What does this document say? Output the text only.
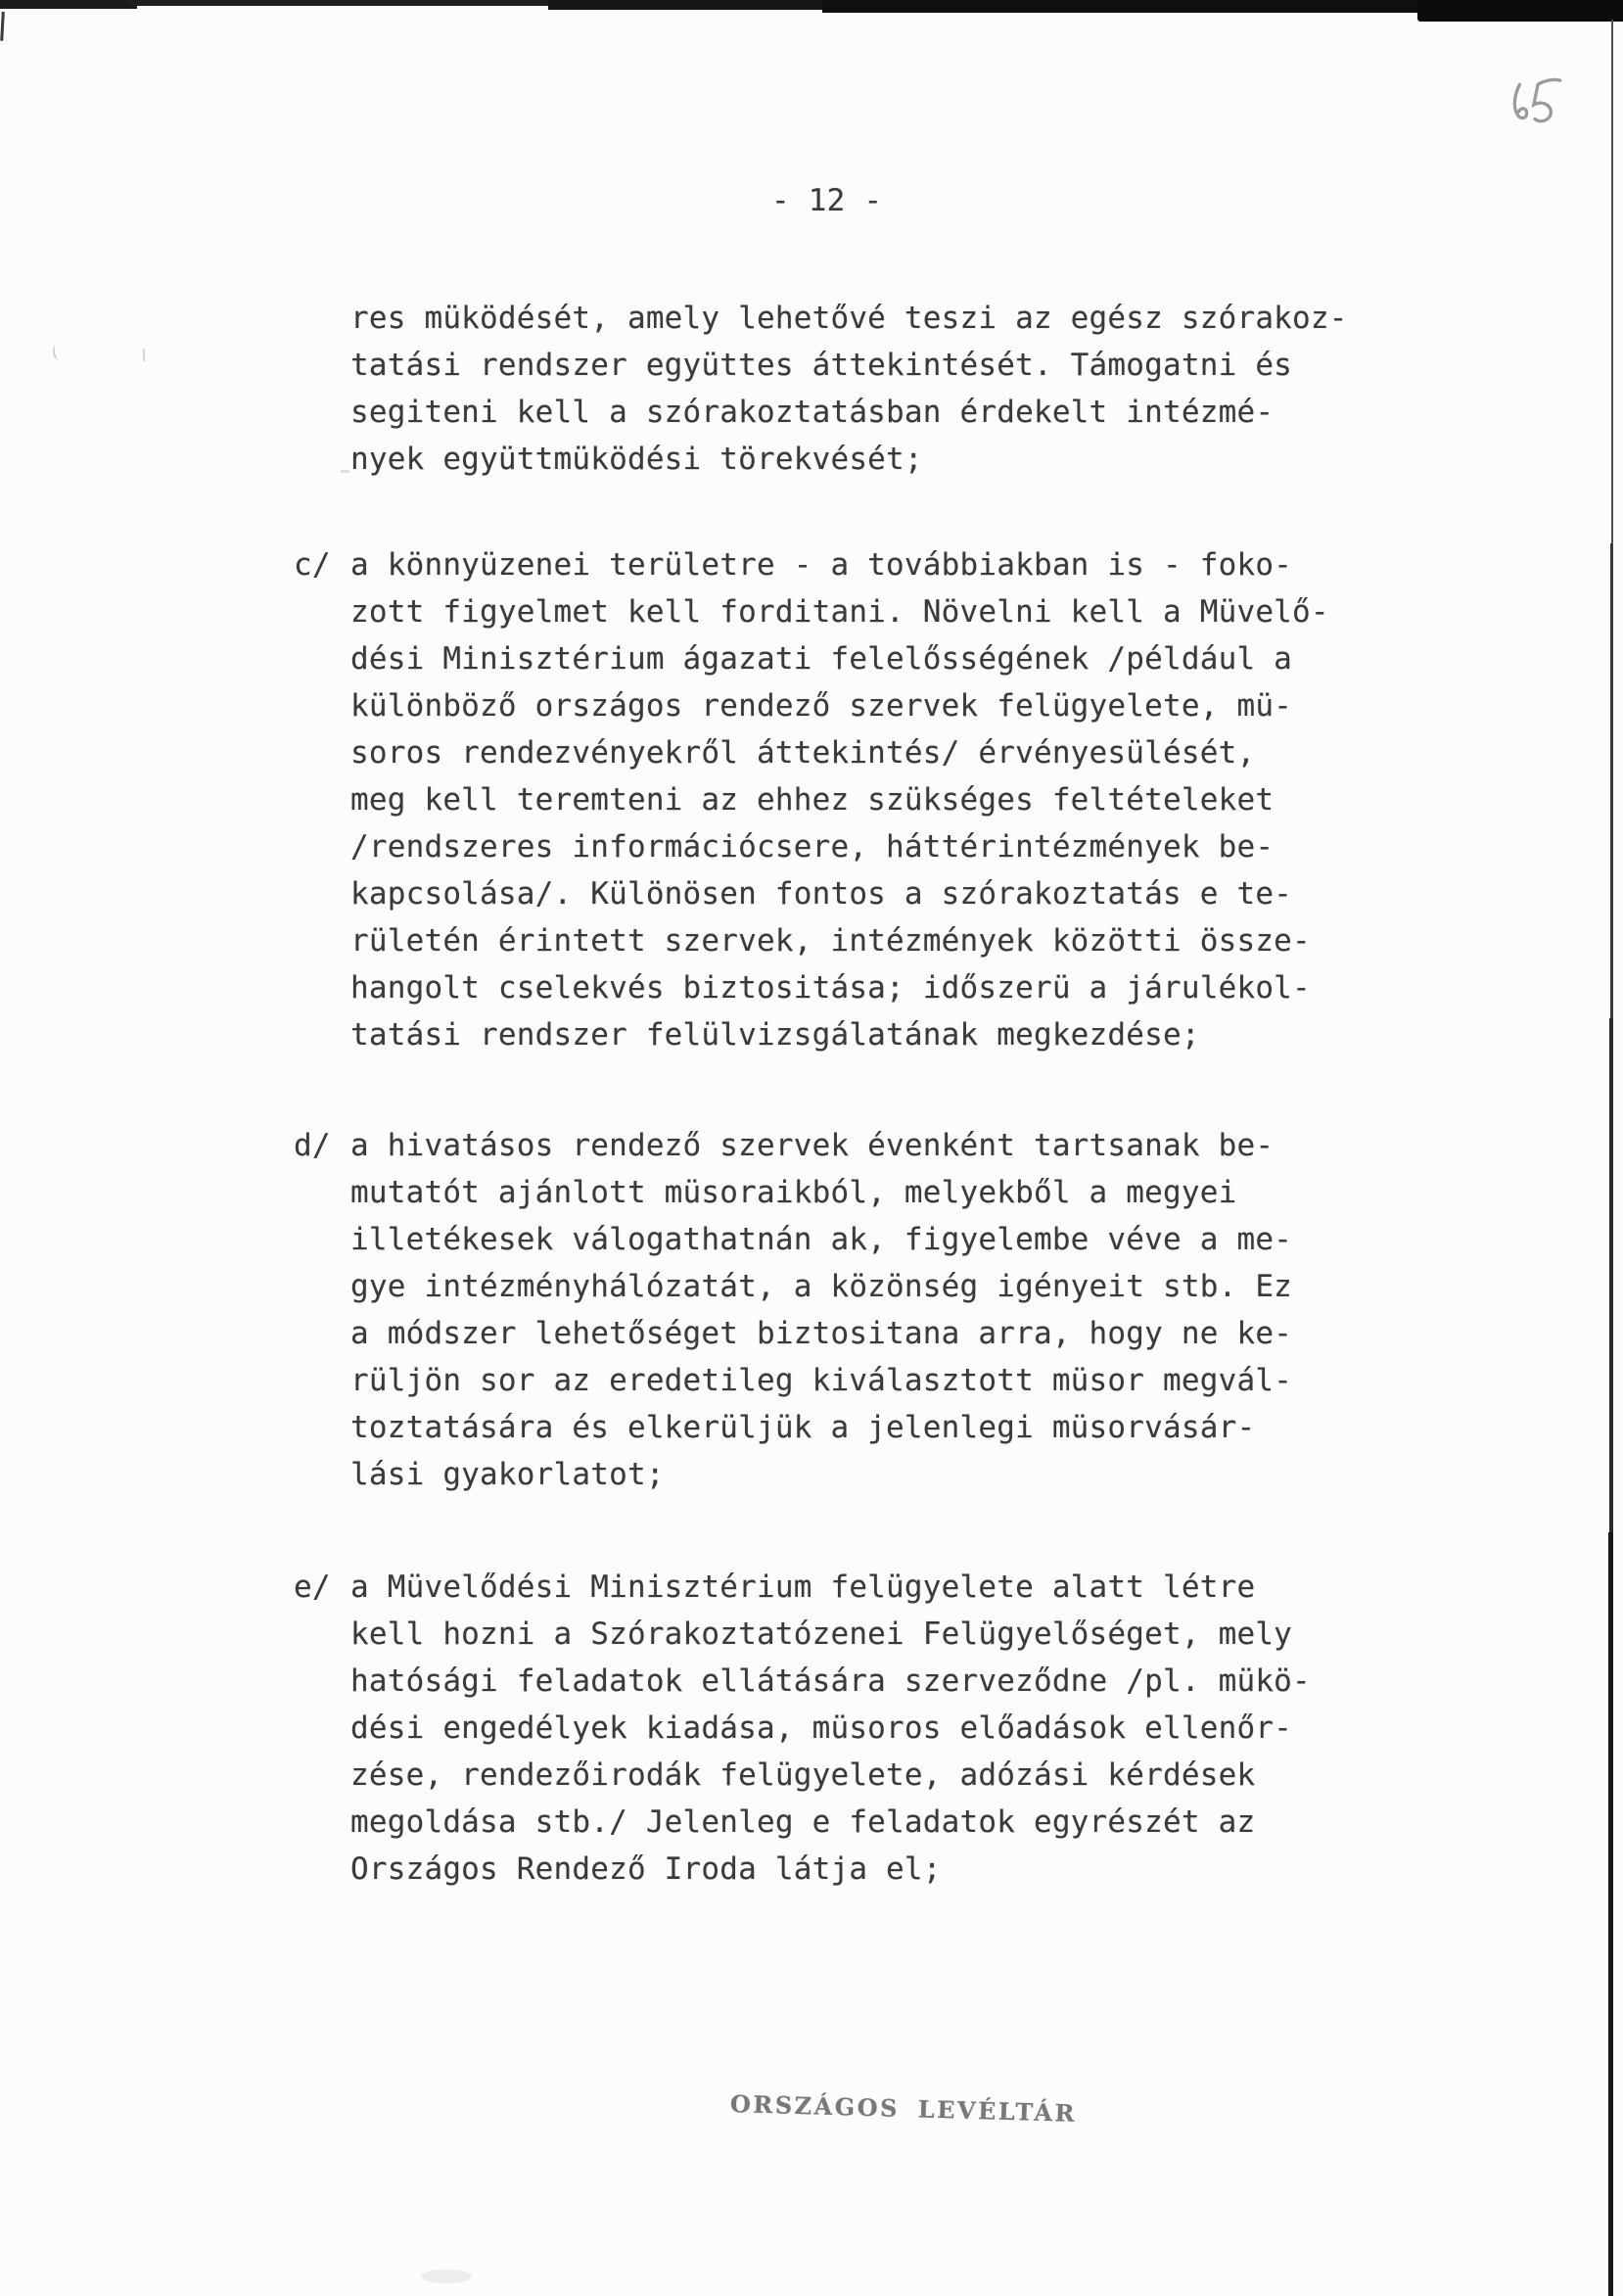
- 12 -
res müködését, amely lehetővé teszi az egész szórakoz-
tatási rendszer együttes áttekintését. Támogatni és
segiteni kell a szórakoztatásban érdekelt intézmé-
nyek együttmüködési törekvését;
c/ a könnyüzenei területre - a továbbiakban is - foko-
zott figyelmet kell forditani. Növelni kell a Müvelő-
dési Minisztérium ágazati felelősségének /például a
különböző országos rendező szervek felügyelete, mü-
soros rendezvényekről áttekintés/ érvényesülését,
meg kell teremteni az ehhez szükséges feltételeket
/rendszeres információcsere, háttérintézmények be-
kapcsolása/. Különösen fontos a szórakoztatás e te-
rületén érintett szervek, intézmények közötti össze-
hangolt cselekvés biztositása; időszerü a járulékol-
tatási rendszer felülvizsgálatának megkezdése;
d/ a hivatásos rendező szervek évenként tartsanak be-
mutatót ajánlott müsoraikból, melyekből a megyei
illetékesek válogathatnán ak, figyelembe véve a me-
gye intézményhálózatát, a közönség igényeit stb. Ez
a módszer lehetőséget biztositana arra, hogy ne ke-
rüljön sor az eredetileg kiválasztott müsor megvál-
toztatására és elkerüljük a jelenlegi müsorvásár-
lási gyakorlatot;
e/ a Müvelődési Minisztérium felügyelete alatt létre
kell hozni a Szórakoztatózenei Felügyelőséget, mely
hatósági feladatok ellátására szerveződne /pl. mükö-
dési engedélyek kiadása, müsoros előadások ellenőr-
zése, rendezőirodák felügyelete, adózási kérdések
megoldása stb./ Jelenleg e feladatok egyrészét az
Országos Rendező Iroda látja el;
ORSZÁGOS LEVÉLTÁR
